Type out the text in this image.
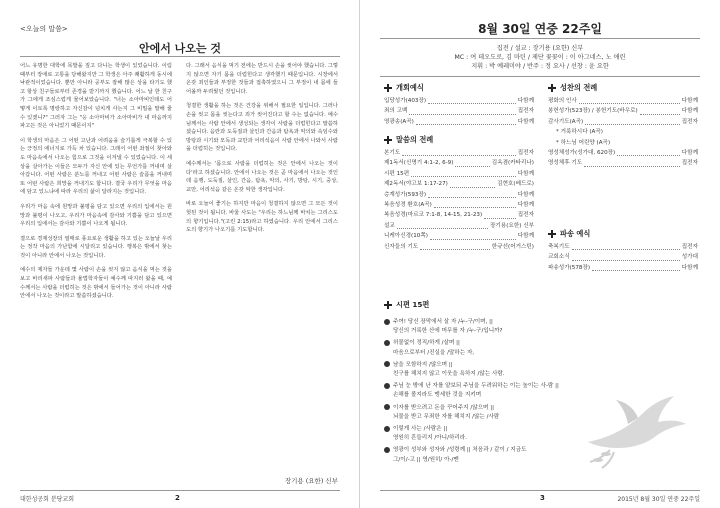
<오늘의 말씀>
안에서 나오는 것

어느 유명한 대학에 목발을 짚고 다니는 학생이 있었습니다. 이림 때부터 장애로 고통을 당해왔지만 그 학생은 아주 쾌활하게 동시에 낙관적이었습니다. 뿐만 아니라 공부도 잘해 많은 상을 타기도 했고 항상 친구들로부터 존경을 받기까지 했습니다. 어느 날 한 친구가 그에게 조심스럽게 물어보았습니다. "너는 소아마비인데도 어떻게 이토록 명랑하고 자신감이 넘치게 사는지 그 비밀을 말해 줄 수 있겠니?" 그러자 그는 "응 소아마비가 소아마비가 내 마음까지 파고든 것은 아니었기 때문이지"

이 학생의 마음은 그 어떤 고난과 어려움을 슬기롭게 극복할 수 있는 긍정의 에너지로 가득 차 있습니다. 그래서 어떤 좌절이 찾아와도 마음속에서 나오는 힘으로 그것을 이겨낼 수 있었습니다. 이 세상을 살아가는 이들은 모두가 자신 안에 있는 무언가를 꺼내며 살아갑니다. 어떤 사람은 분노를 꺼내고 어떤 사람은 슬픔을 꺼내며 또 어떤 사람은 희망을 꺼내기도 합니다. 결국 우리가 무엇을 마음에 담고 있느냐에 따라 우리의 삶이 달라지는 것입니다.

우리가 마음 속에 원망과 불평을 담고 있으면 우리의 입에서는 원망과 불평이 나오고, 우리가 마음속에 감사와 기쁨을 담고 있으면 우리의 입에서는 감사와 기쁨이 나오게 됩니다.

결으로 경제성장의 열매로 풍요로운 생활을 하고 있는 오늘날 우리는 정작 마음의 가난함에 시달리고 있습니다. 행복은 밖에서 찾는 것이 아니라 안에서 나오는 것입니다.

예수의 제자들 가운데 몇 사람이 손을 씻지 않고 음식을 먹는 것을 보고 바리새파 사람들과 율법학자들이 예수께 따지러 왔을 때, 예수께서는 사람을 더럽히는 것은 밖에서 들어가는 것이 아니라 사람 안에서 나오는 것이라고 말씀하셨습니다.

다. 그래서 음식을 먹기 전에는 반드시 손을 씻어야 했습니다. 그렇지 않으면 자기 몸을 더럽힌다고 생각했기 때문입니다. 시장에서 온갖 죄인들과 부정한 것들과 접촉하였으니 그 부정이 내 몸에 들어올까 두려웠던 것입니다.

청결한 생활을 하는 것은 건강을 위해서 필요한 일입니다. 그러나 손을 씻고 몸을 씻는다고 죄가 씻어진다고 할 수는 없습니다. 예수님께서는 사람 안에서 생성되는 생각이 사람을 더럽힌다고 말씀하셨습니다. 음란과 도둑질과 살인과 간음과 탐욕과 악의와 속임수와 방탕과 시기와 모독과 교만과 어리석음이 사람 안에서 나와서 사람을 더럽히는 것입니다.

예수께서는 '몸으로 사람을 더럽히는 것은 안에서 나오는 것이다'라고 하셨습니다. 안에서 나오는 것은 곧 마음에서 나오는 것인데 음행, 도둑질, 살인, 간음, 탐욕, 악의, 사기, 방탕, 시기, 중상, 교만, 어리석음 같은 온갖 악한 생각입니다.

바로 오늘이 좋기는 하지만 마음이 청결하지 않으면 그 모든 것이 헛된 것이 됩니다. 바울 사도는 "우리는 하느님께 바치는 그리스도의 향기입니다."(고린 2:15)라고 하였습니다. 우리 안에서 그리스도의 향기가 나오기를 기도합니다.

장기용 (요한) 신부
대한성공회 분당교회	2
8월 30일 연중 22주일
집전 / 설교 : 장기용 (요한) 신부
MC : 여 데오도로, 김 마틴 / 제단 꽃꽂이 : 이 아그네스, 노 애린
지휘 : 박 예레미야 / 반주 : 정 요사 / 선창 : 윤 요한
개회예식
입당성가(403장)	다함께
죄의 고백	집전자
영광송(A곡)	다함께
말씀의 전례
본기도	집전자
제1독서(신명기 4:1-2, 6-9)	김옥겸(카타리나)
시편 15편	다함께
제2독서(야고보 1:17-27)	김현호(베드로)
층계성가(593장)	다함께
복음성경 환호(A곡)	다함께
복음성경(마르코 7:1-8, 14-15, 21-23)	집전자
설교	장기용(요한) 신부
니케아신경(10쪽)	다함께
신자들의 기도	한규선(어거스틴)
성찬의 전례
평화의 인사	다함께
봉헌성가(523장) / 봉헌기도(바우로)	다함께
감사기도(A곡)	집전자
* 거룩하시다 (A곡)
* 하느님 어린양 (A곡)
영성체성가(성가대, 620장)	다함께
영성체후 기도	집전자
파송 예식
축복기도	집전자
교회소식	성가대
파송성가(578장)	다함께
시편 15편
주여! 당신 장막에서 살 자 /누-구/이며, ||
당신의 거룩한 산에 머무를 자 /누-구/입니까?
허물없이 정직/하게 /살며 ||
마음으로부터 /진실을 /말하는 자,
남을 모함하지 /않으며 ||
친구를 해치지 않고 이웃을 욕하지 /않는 사람.
주님 눈 밖에 난 자를 얕보되 주님을 두려워하는 이는 높이는 사-람 ||
손해를 볼지라도 맹세한 것을 지키며
이자를 받으려고 돈을 꾸어주지 /않으며 ||
뇌물을 받고 무죄한 자를 해치지 /않는 /사람
이렇게 사는 /사람은 ||
영원히 흔들리지 /아니/하리라.
영광이 성부와 성자와 /성령께 || 처음과 / 같이 / 지금도
그/이/-고 || 영/원히/ 아-/멘
3	2015년 8월 30일 연중 22주일
